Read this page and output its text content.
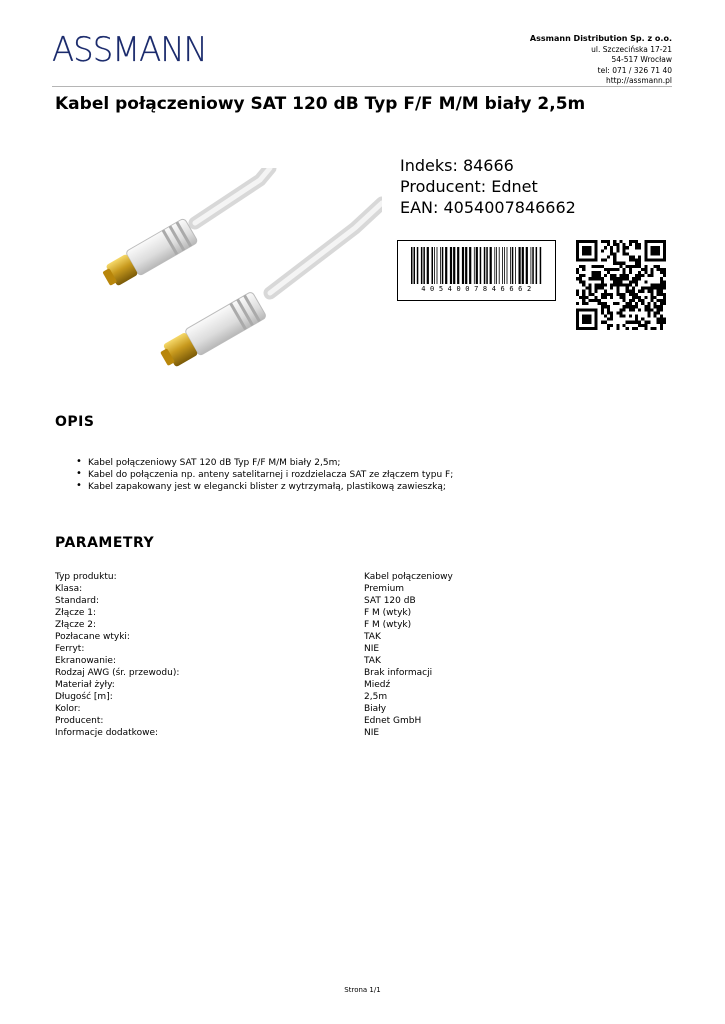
ASSMANN	Assmann Distribution Sp. z o.o.
ul. Szczecińska 17-21
54-517 Wrocław
tel: 071 / 326 71 40
http://assmann.pl
Kabel połączeniowy SAT 120 dB Typ F/F M/M biały 2,5m
Indeks: 84666
Producent: Ednet
EAN: 4054007846662
4054007846662
OPIS
• Kabel połączeniowy SAT 120 dB Typ F/F M/M biały 2,5m;
• Kabel do połączenia np. anteny satelitarnej i rozdzielacza SAT ze złączem typu F;
• Kabel zapakowany jest w elegancki blister z wytrzymałą, plastikową zawieszką;
PARAMETRY
Typ produktu:	Kabel połączeniowy
Klasa:	Premium
Standard:	SAT 120 dB
Złącze 1:	F M (wtyk)
Złącze 2:	F M (wtyk)
Pozłacane wtyki:	TAK
Ferryt:	NIE
Ekranowanie:	TAK
Rodzaj AWG (śr. przewodu):	Brak informacji
Materiał żyły:	Miedź
Długość [m]:	2,5m
Kolor:	Biały
Producent:	Ednet GmbH
Informacje dodatkowe:	NIE
Strona 1/1
